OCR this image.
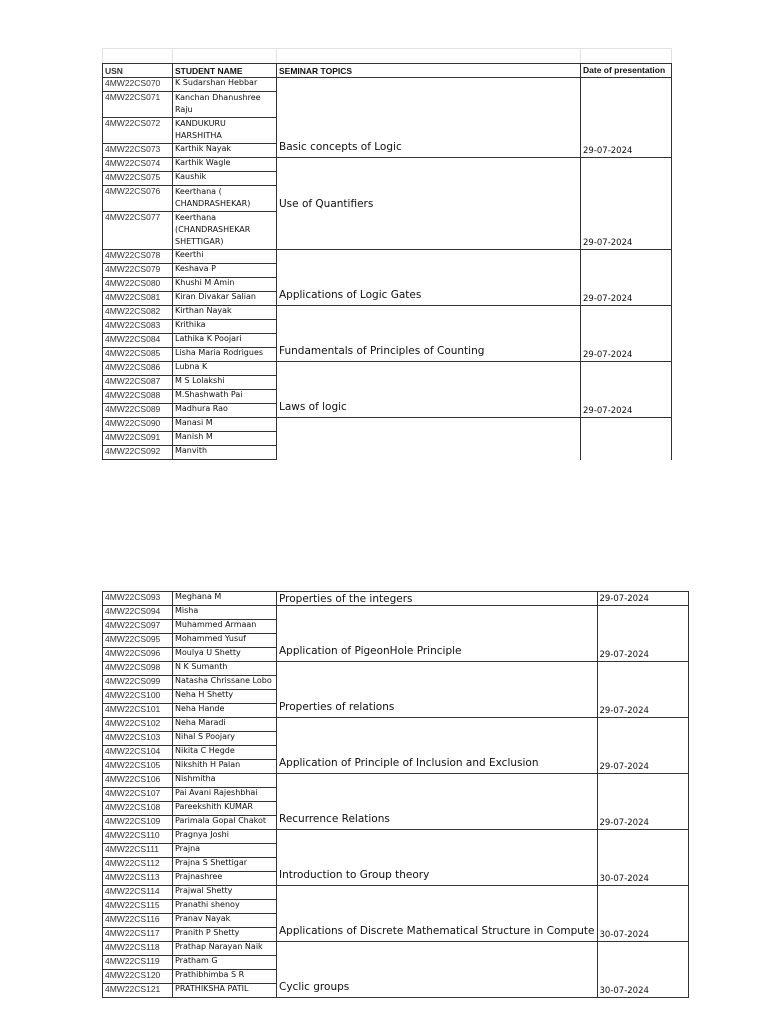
USN	STUDENT NAME	SEMINAR TOPICS	Date of presentation
4MW22CS070	K Sudarshan Hebbar	Basic concepts of Logic	29-07-2024
4MW22CS071	Kanchan Dhanushree Raju		
4MW22CS072	KANDUKURU HARSHITHA		
4MW22CS073	Karthik Nayak		
4MW22CS074	Karthik Wagle	Use of Quantifiers	29-07-2024
4MW22CS075	Kaushik		
4MW22CS076	Keerthana ( CHANDRASHEKAR)		
4MW22CS077	Keerthana (CHANDRASHEKAR SHETTIGAR)		
4MW22CS078	Keerthi	Applications of Logic Gates	29-07-2024
4MW22CS079	Keshava P		
4MW22CS080	Khushi M Amin		
4MW22CS081	Kiran Divakar Salian		
4MW22CS082	Kirthan Nayak	Fundamentals of Principles of Counting	29-07-2024
4MW22CS083	Krithika		
4MW22CS084	Lathika K Poojari		
4MW22CS085	Lisha Maria Rodrigues		
4MW22CS086	Lubna K	Laws of logic	29-07-2024
4MW22CS087	M S Lolakshi		
4MW22CS088	M.Shashwath Pai		
4MW22CS089	Madhura Rao		
4MW22CS090	Manasi M		
4MW22CS091	Manish M		
4MW22CS092	Manvith		
4MW22CS093	Meghana M	Properties of the integers	29-07-2024
4MW22CS094	Misha	Application of PigeonHole Principle	29-07-2024
4MW22CS097	Muhammed Armaan		
4MW22CS095	Mohammed Yusuf		
4MW22CS096	Moulya U Shetty		
4MW22CS098	N K Sumanth	Properties of relations	29-07-2024
4MW22CS099	Natasha Chrissane Lobo		
4MW22CS100	Neha H Shetty		
4MW22CS101	Neha Hande		
4MW22CS102	Neha Maradi	Application of Principle of Inclusion and Exclusion	29-07-2024
4MW22CS103	Nihal S Poojary		
4MW22CS104	Nikita C Hegde		
4MW22CS105	Nikshith H Palan		
4MW22CS106	Nishmitha	Recurrence Relations	29-07-2024
4MW22CS107	Pai Avani Rajeshbhai		
4MW22CS108	Pareekshith KUMAR		
4MW22CS109	Parimala Gopal Chakot		
4MW22CS110	Pragnya Joshi	Introduction to Group theory	30-07-2024
4MW22CS111	Prajna		
4MW22CS112	Prajna S Shettigar		
4MW22CS113	Prajnashree		
4MW22CS114	Prajwal Shetty	Applications of Discrete Mathematical Structure in Compute	30-07-2024
4MW22CS115	Pranathi shenoy		
4MW22CS116	Pranav Nayak		
4MW22CS117	Pranith P Shetty		
4MW22CS118	Prathap Narayan Naik	Cyclic groups	30-07-2024
4MW22CS119	Pratham G		
4MW22CS120	Prathibhimba S R		
4MW22CS121	PRATHIKSHA PATIL		
